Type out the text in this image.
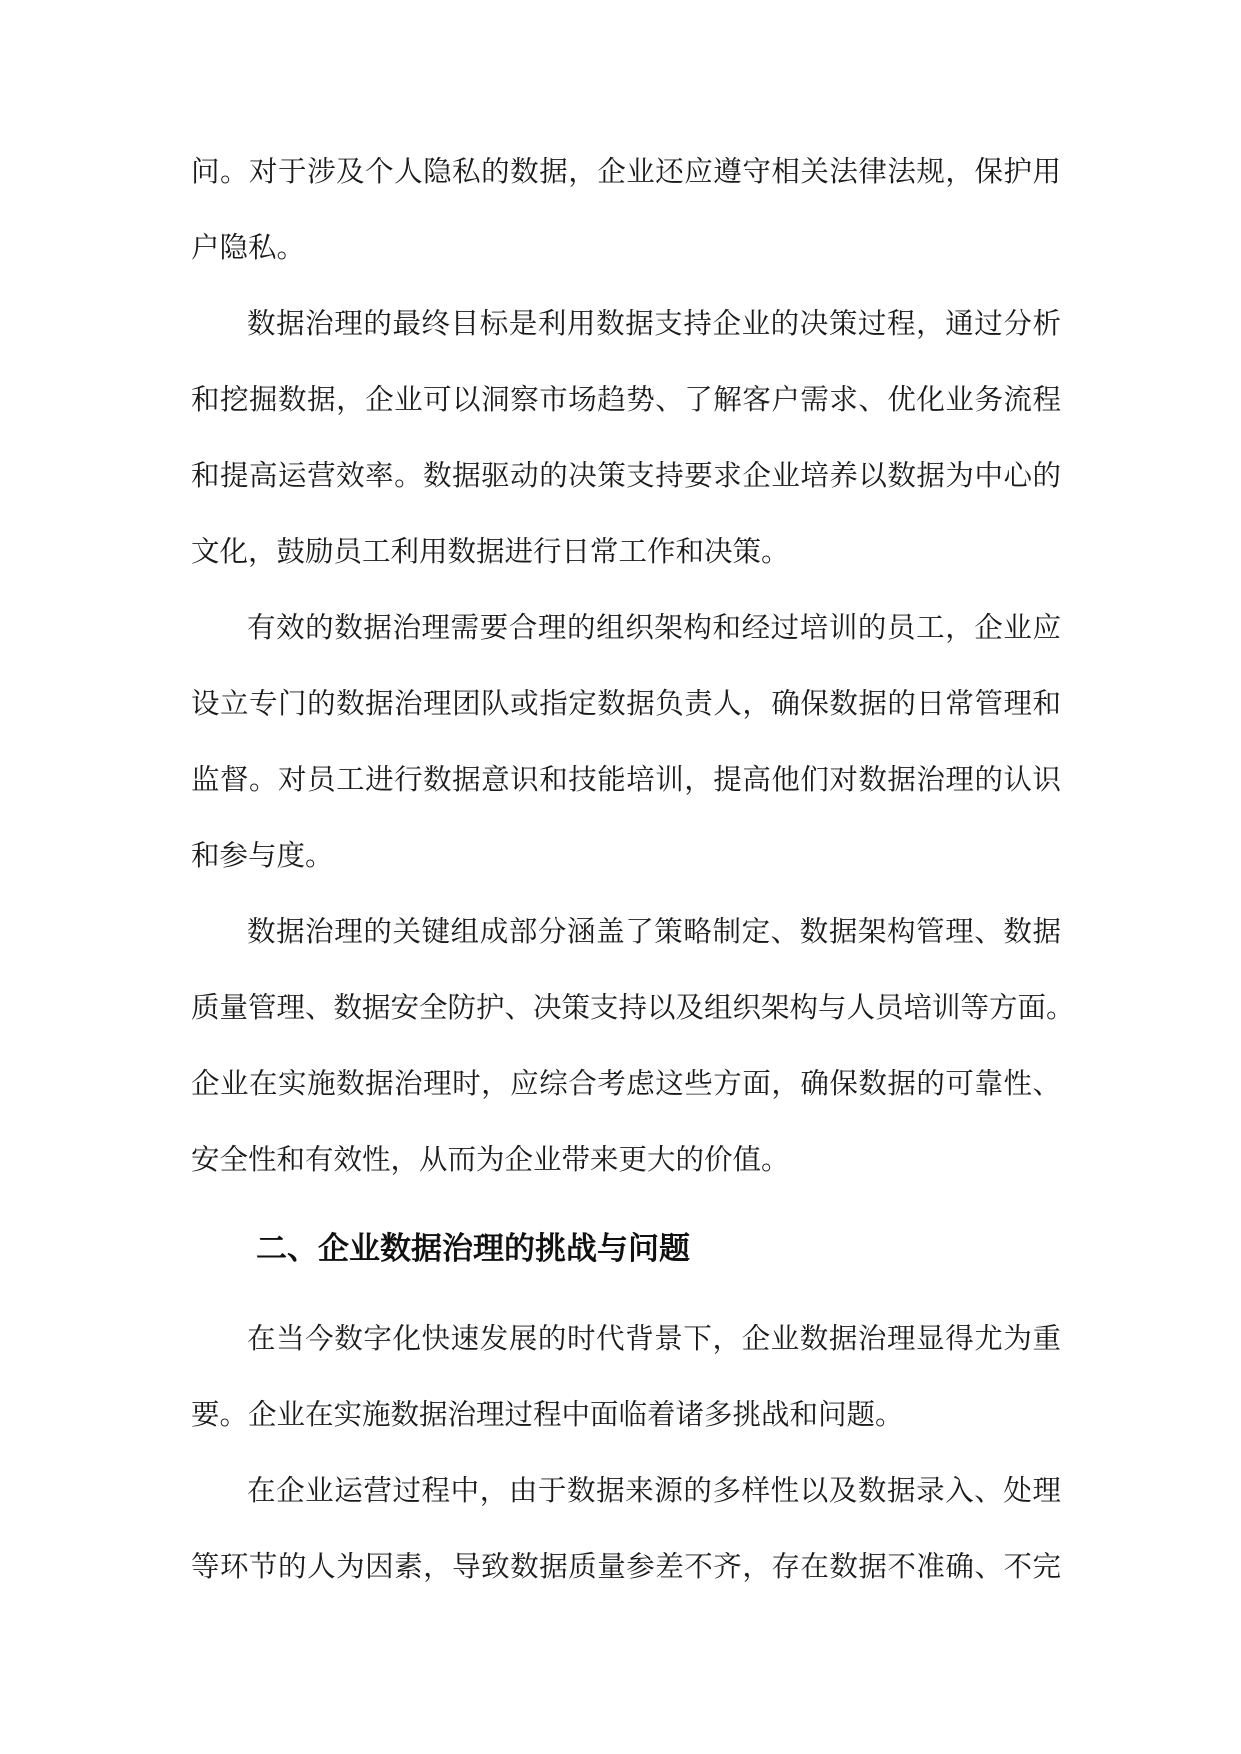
问。对于涉及个人隐私的数据，企业还应遵守相关法律法规，保护用
户隐私。
数据治理的最终目标是利用数据支持企业的决策过程，通过分析
和挖掘数据，企业可以洞察市场趋势、了解客户需求、优化业务流程
和提高运营效率。数据驱动的决策支持要求企业培养以数据为中心的
文化，鼓励员工利用数据进行日常工作和决策。
有效的数据治理需要合理的组织架构和经过培训的员工，企业应
设立专门的数据治理团队或指定数据负责人，确保数据的日常管理和
监督。对员工进行数据意识和技能培训，提高他们对数据治理的认识
和参与度。
数据治理的关键组成部分涵盖了策略制定、数据架构管理、数据
质量管理、数据安全防护、决策支持以及组织架构与人员培训等方面。
企业在实施数据治理时，应综合考虑这些方面，确保数据的可靠性、
安全性和有效性，从而为企业带来更大的价值。
二、企业数据治理的挑战与问题
在当今数字化快速发展的时代背景下，企业数据治理显得尤为重
要。企业在实施数据治理过程中面临着诸多挑战和问题。
在企业运营过程中，由于数据来源的多样性以及数据录入、处理
等环节的人为因素，导致数据质量参差不齐，存在数据不准确、不完
